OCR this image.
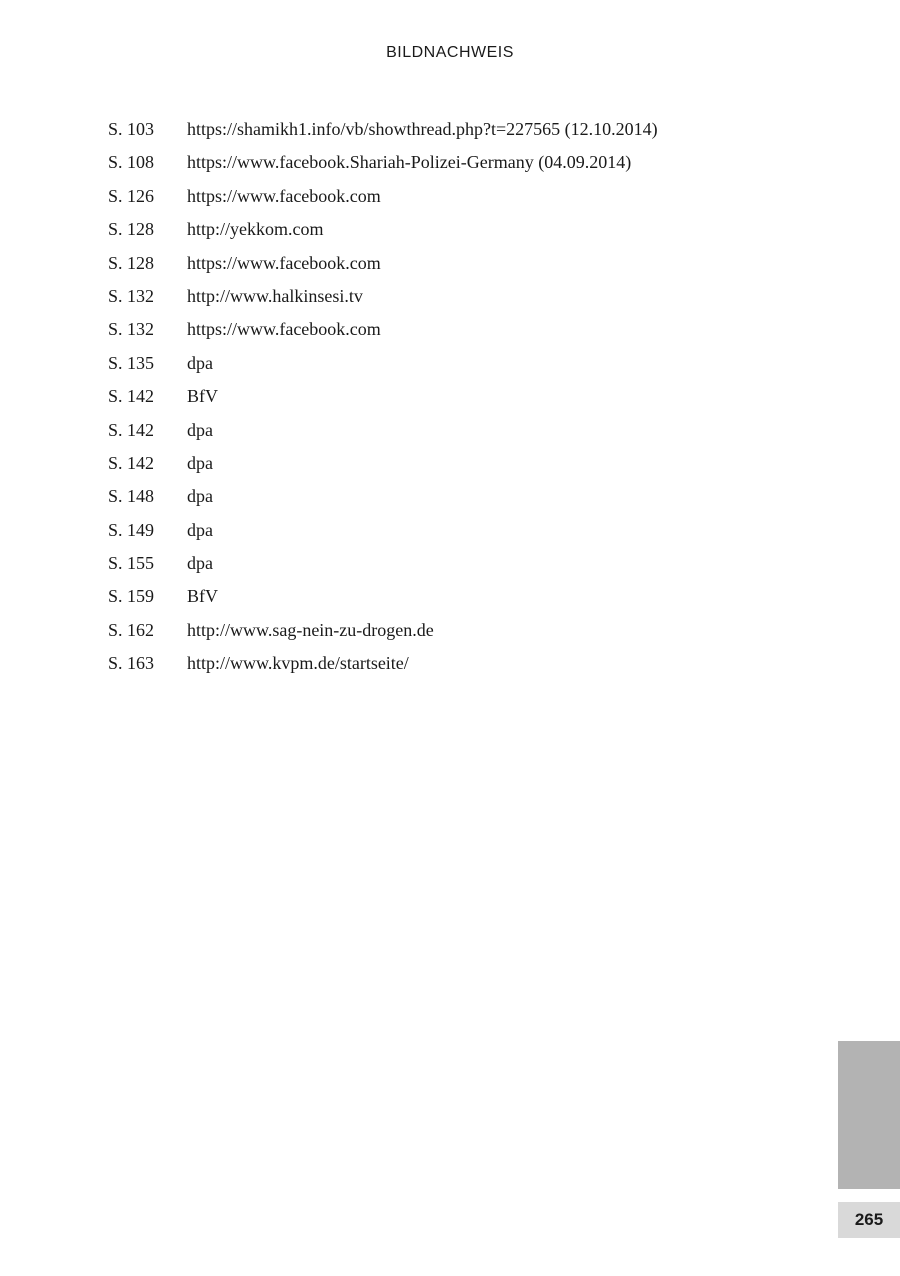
BILDNACHWEIS
S. 103	https://shamikh1.info/vb/showthread.php?t=227565 (12.10.2014)
S. 108	https://www.facebook.Shariah-Polizei-Germany (04.09.2014)
S. 126	https://www.facebook.com
S. 128	http://yekkom.com
S. 128	https://www.facebook.com
S. 132	http://www.halkinsesi.tv
S. 132	https://www.facebook.com
S. 135	dpa
S. 142	BfV
S. 142	dpa
S. 142	dpa
S. 148	dpa
S. 149	dpa
S. 155	dpa
S. 159	BfV
S. 162	http://www.sag-nein-zu-drogen.de
S. 163	http://www.kvpm.de/startseite/
265
